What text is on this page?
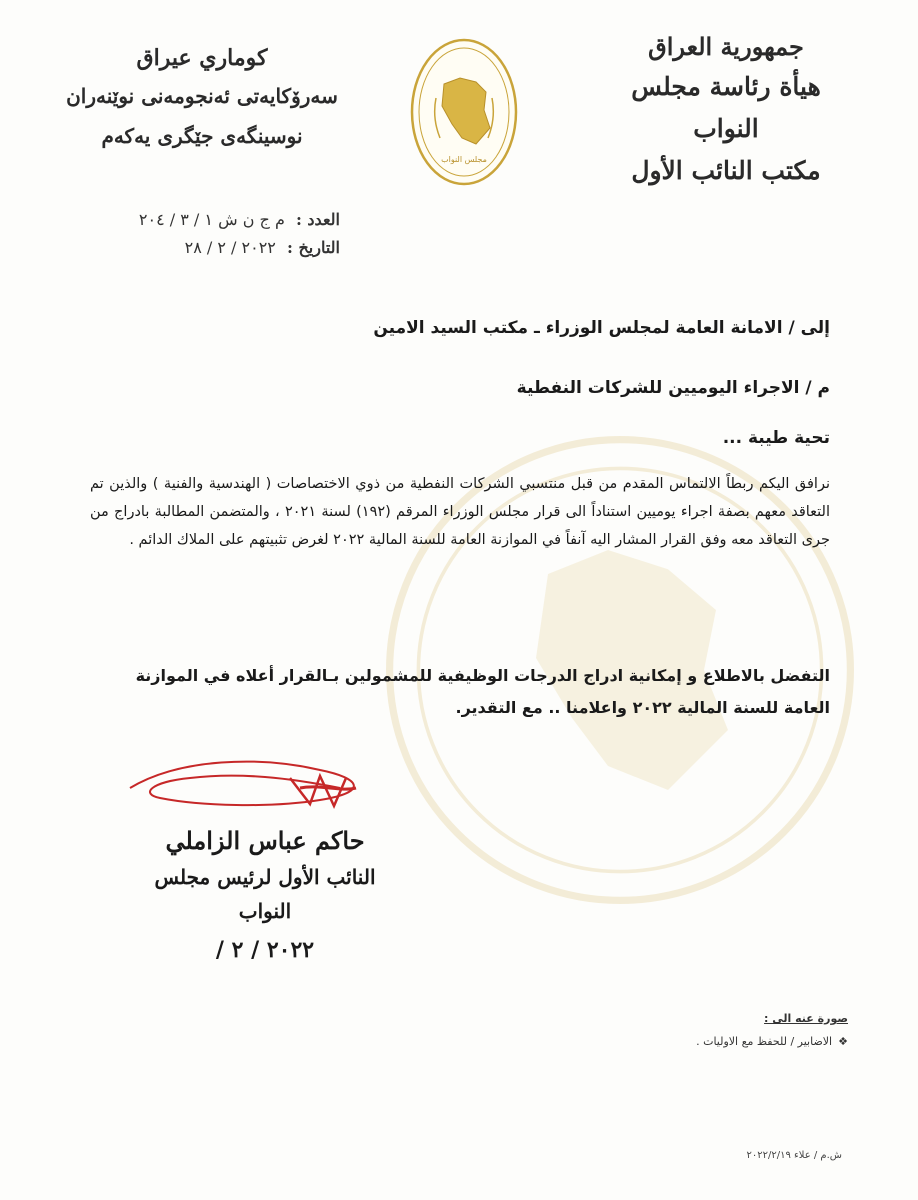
جمهورية العراق
هيأة رئاسة مجلس النواب
مكتب النائب الأول
مجلس النواب
كوماري عيراق
سەرۆكايەتى ئەنجومەنى نوێنەران
نوسينگەی جێگری يەكەم
العدد : م ج ن ش ١ / ٣ / ٢٠٤
التاريخ : ٢٠٢٢ / ٢ / ٢٨
إلى / الامانة العامة لمجلس الوزراء ـ مكتب السيد الامين
م / الاجراء اليوميين للشركات النفطية
تحية طيبة ...
نرافق اليكم ربطاً الالتماس المقدم من قبل منتسبي الشركات النفطية من ذوي الاختصاصات ( الهندسية والفنية ) والذين تم التعاقد معهم بصفة اجراء يوميين استناداً الى قرار مجلس الوزراء المرقم (١٩٢) لسنة ٢٠٢١ ، والمتضمن المطالبة بادراج من جرى التعاقد معه وفق القرار المشار اليه آنفاً في الموازنة العامة للسنة المالية ٢٠٢٢ لغرض تثبيتهم على الملاك الدائم .
التفضل بالاطلاع و إمكانية ادراج الدرجات الوظيفية للمشمولين بـالقرار أعلاه في الموازنة العامة للسنة المالية ٢٠٢٢ واعلامنا .. مع التقدير.
حاكم عباس الزاملي
النائب الأول لرئيس مجلس النواب
٢٠٢٢ / ٢ /
صورة عنه الى :
❖
الاضابير / للحفظ مع الاوليات .
ش.م / علاء ٢٠٢٢/٢/١٩
